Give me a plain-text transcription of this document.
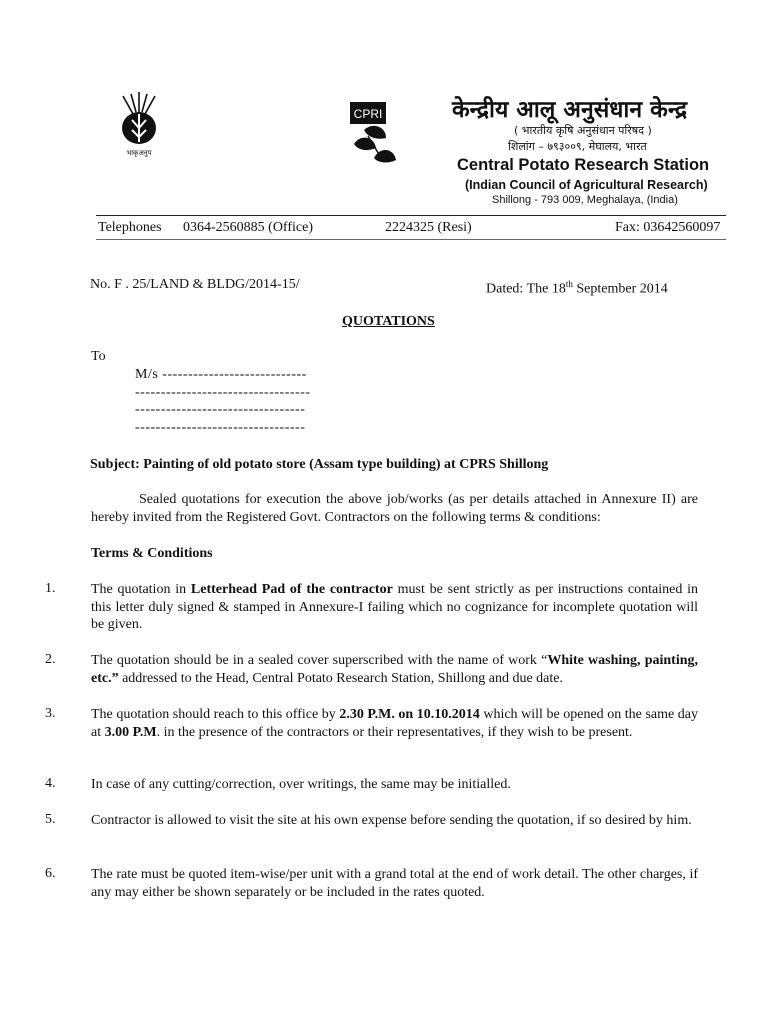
भाकृअनुप
CPRI	केन्द्रीय आलू अनुसंधान केन्द्र
( भारतीय कृषि अनुसंधान परिषद )
शिलांग – ७९३००९, मेघालय, भारत
Central Potato Research Station
(Indian Council of Agricultural Research)
Shillong - 793 009, Meghalaya, (India)
Telephones 0364-2560885 (Office)	2224325 (Resi)	Fax: 03642560097
No. F . 25/LAND & BLDG/2014-15/	Dated: The 18th September 2014
QUOTATIONS
To
M/s ----------------------------
----------------------------------
---------------------------------
---------------------------------
Subject: Painting of old potato store (Assam type building) at CPRS Shillong
Sealed quotations for execution the above job/works (as per details attached in Annexure II) are hereby invited from the Registered Govt. Contractors on the following terms & conditions:
Terms & Conditions
1.	The quotation in Letterhead Pad of the contractor must be sent strictly as per instructions contained in this letter duly signed & stamped in Annexure-I failing which no cognizance for incomplete quotation will be given.
2.	The quotation should be in a sealed cover superscribed with the name of work “White washing, painting, etc.” addressed to the Head, Central Potato Research Station, Shillong and due date.
3.	The quotation should reach to this office by 2.30 P.M. on 10.10.2014 which will be opened on the same day at 3.00 P.M. in the presence of the contractors or their representatives, if they wish to be present.
4.	In case of any cutting/correction, over writings, the same may be initialled.
5.	Contractor is allowed to visit the site at his own expense before sending the quotation, if so desired by him.
6.	The rate must be quoted item-wise/per unit with a grand total at the end of work detail. The other charges, if any may either be shown separately or be included in the rates quoted.
